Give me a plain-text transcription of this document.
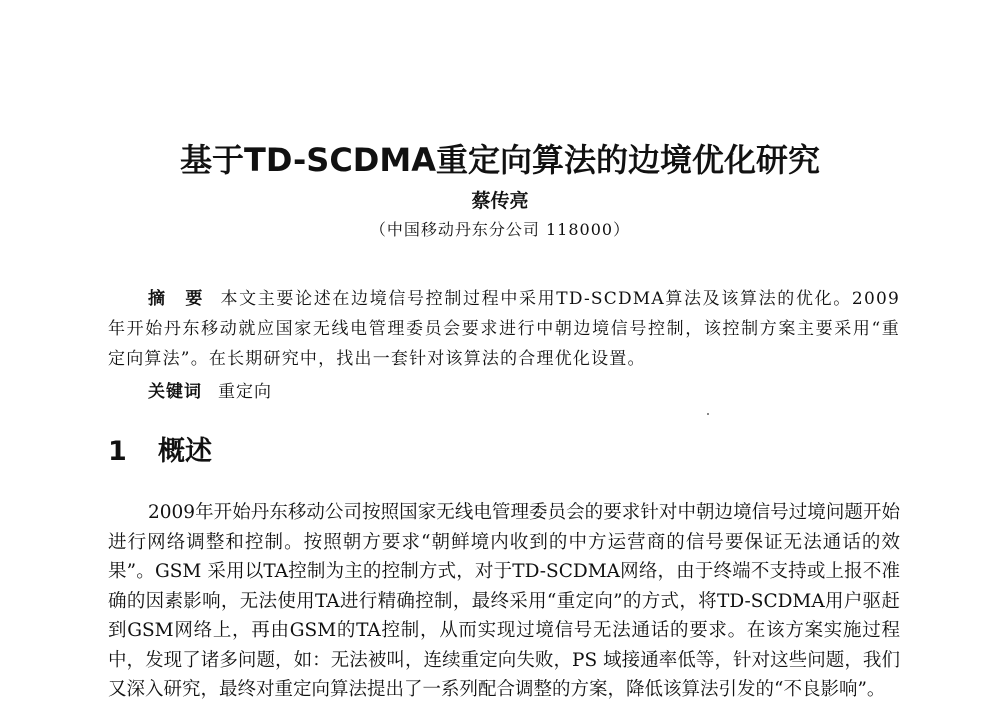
基于TD-SCDMA重定向算法的边境优化研究
蔡传亮
（中国移动丹东分公司 118000）

摘　要 本文主要论述在边境信号控制过程中采用TD-SCDMA算法及该算法的优化。2009年开始丹东移动就应国家无线电管理委员会要求进行中朝边境信号控制，该控制方案主要采用“重定向算法”。在长期研究中，找出一套针对该算法的合理优化设置。

关键词 重定向
1 概述

2009年开始丹东移动公司按照国家无线电管理委员会的要求针对中朝边境信号过境问题开始进行网络调整和控制。按照朝方要求“朝鲜境内收到的中方运营商的信号要保证无法通话的效果”。GSM 采用以TA控制为主的控制方式，对于TD-SCDMA网络，由于终端不支持或上报不准确的因素影响，无法使用TA进行精确控制，最终采用“重定向”的方式，将TD-SCDMA用户驱赶到GSM网络上，再由GSM的TA控制，从而实现过境信号无法通话的要求。在该方案实施过程中，发现了诸多问题，如：无法被叫，连续重定向失败，PS 域接通率低等，针对这些问题，我们又深入研究，最终对重定向算法提出了一系列配合调整的方案，降低该算法引发的“不良影响”。
